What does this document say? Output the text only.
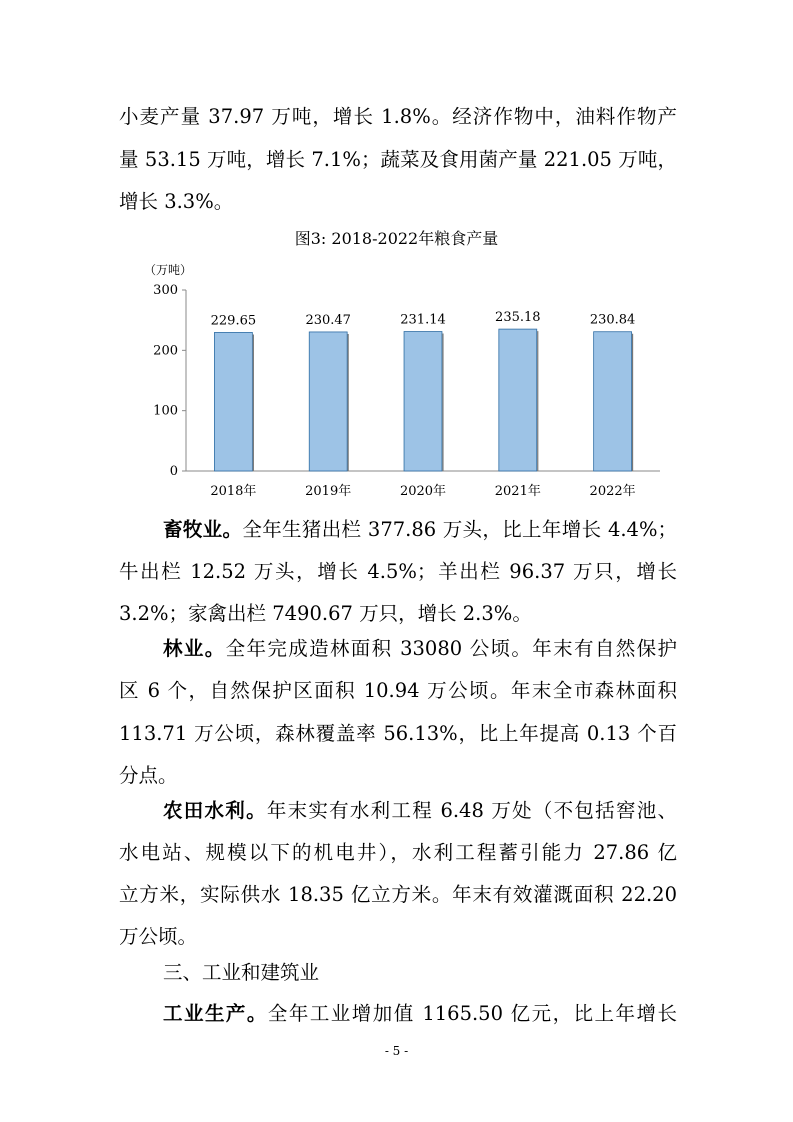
小麦产量 37.97 万吨，增长 1.8%。经济作物中，油料作物产
量 53.15 万吨，增长 7.1%；蔬菜及食用菌产量 221.05 万吨，
增长 3.3%。
图3: 2018-2022年粮食产量
（万吨）
0
100
200
300
229.65
2018年
230.47
2019年
231.14
2020年
235.18
2021年
230.84
2022年
畜牧业。全年生猪出栏 377.86 万头，比上年增长 4.4%；
牛出栏 12.52 万头，增长 4.5%；羊出栏 96.37 万只，增长
3.2%；家禽出栏 7490.67 万只，增长 2.3%。
林业。全年完成造林面积 33080 公顷。年末有自然保护
区 6 个，自然保护区面积 10.94 万公顷。年末全市森林面积
113.71 万公顷，森林覆盖率 56.13%，比上年提高 0.13 个百
分点。
农田水利。年末实有水利工程 6.48 万处（不包括窖池、
水电站、规模以下的机电井），水利工程蓄引能力 27.86 亿
立方米，实际供水 18.35 亿立方米。年末有效灌溉面积 22.20
万公顷。
三、工业和建筑业
工业生产。全年工业增加值 1165.50 亿元，比上年增长
- 5 -
